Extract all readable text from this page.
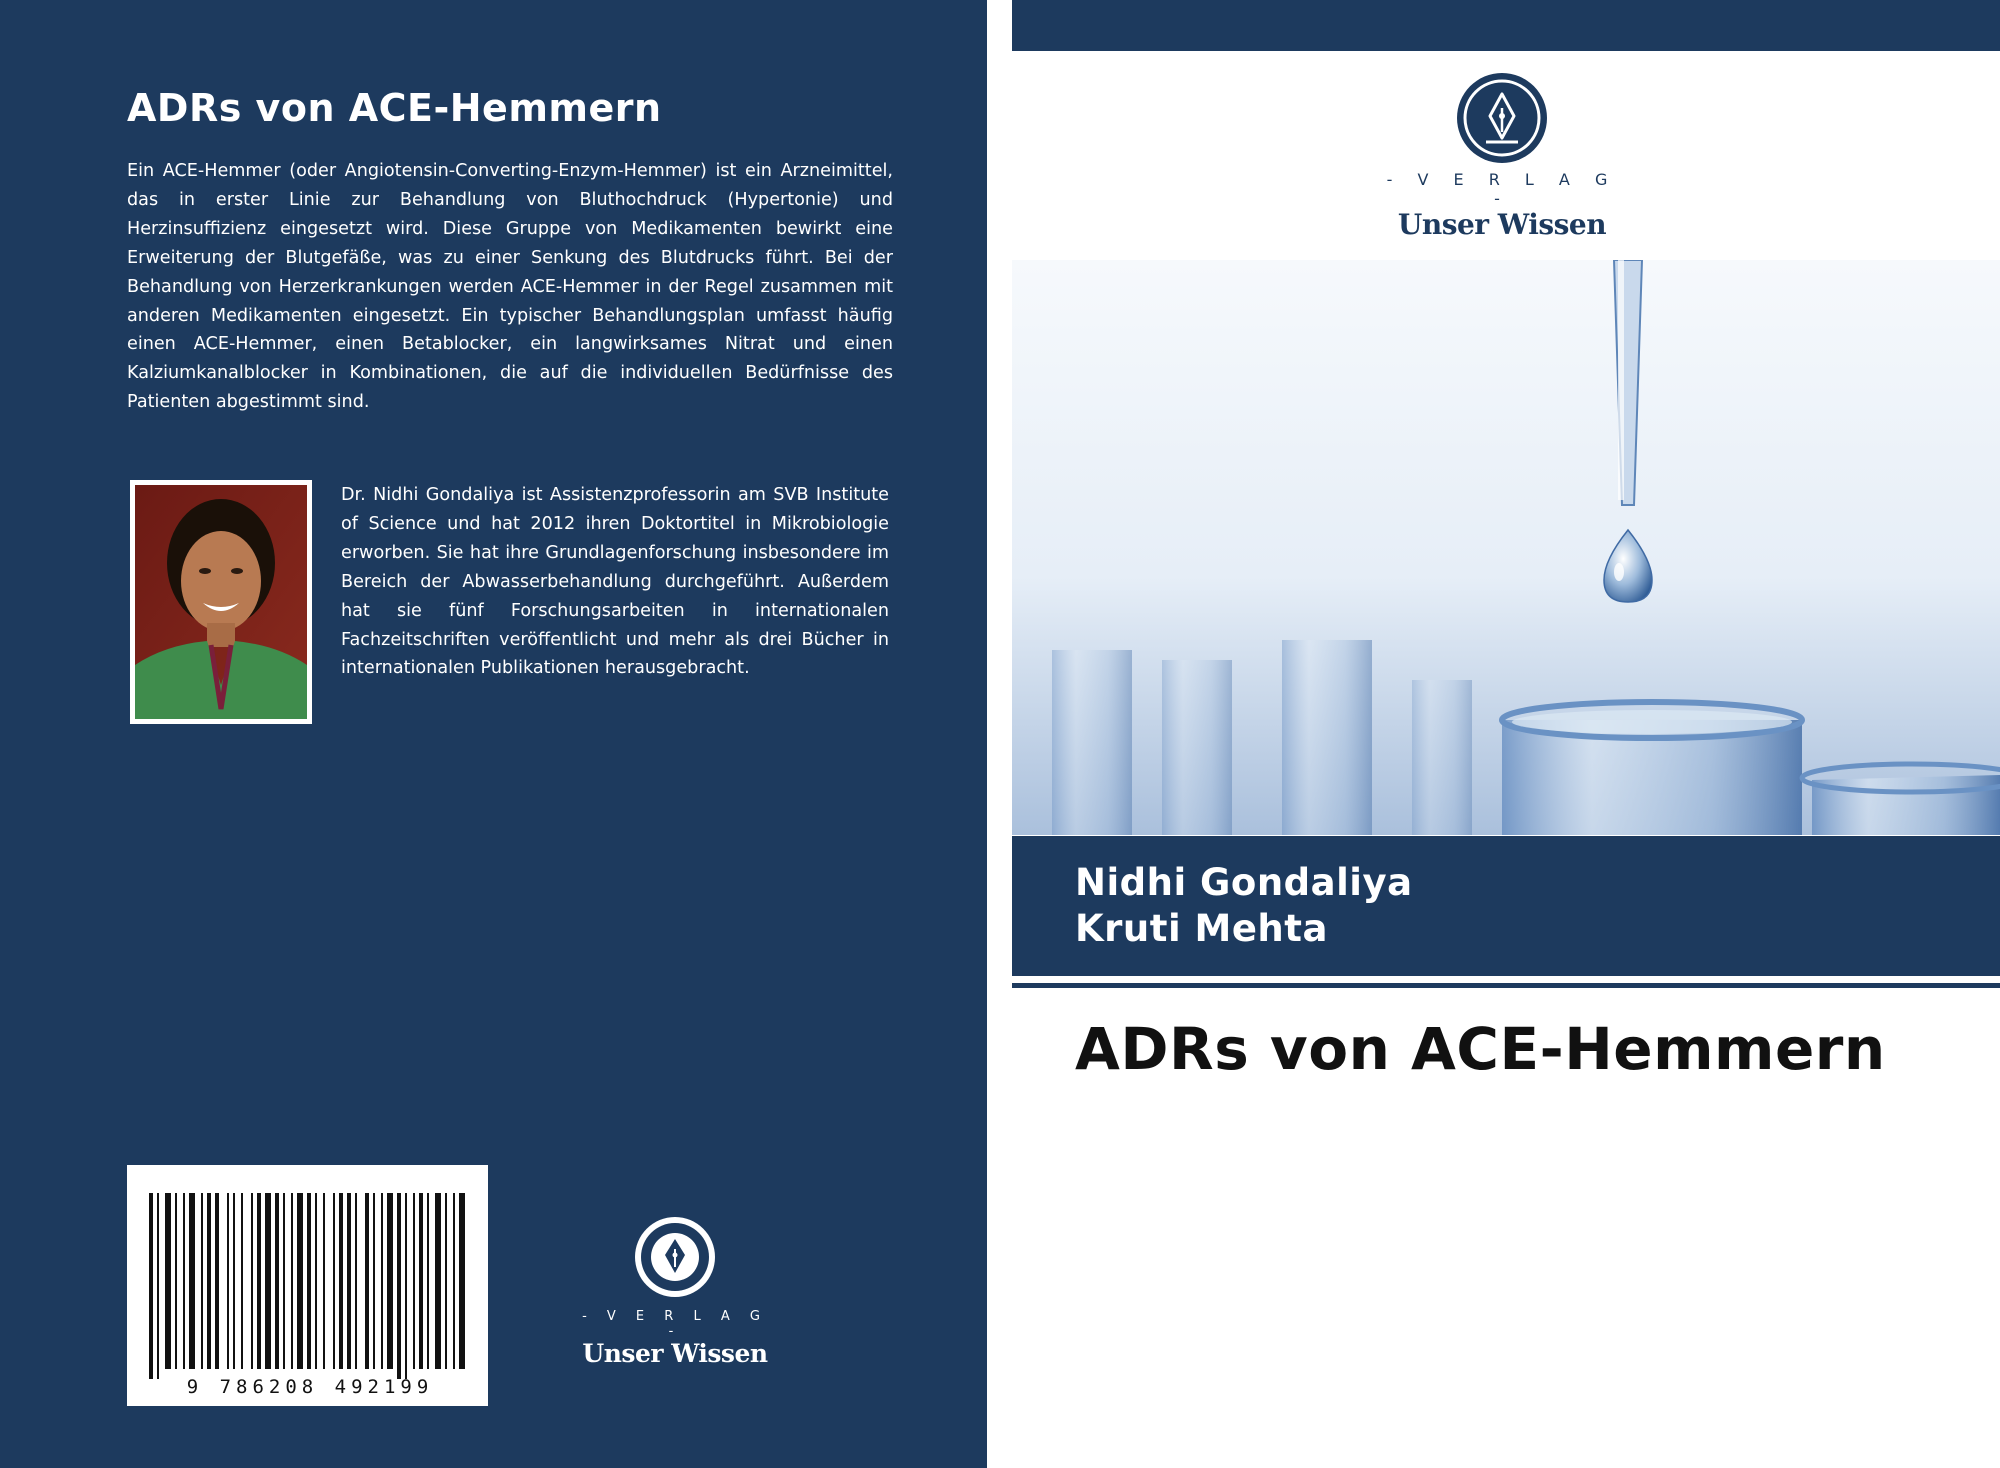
ADRs von ACE-Hemmern

Ein ACE-Hemmer (oder Angiotensin-Converting-Enzym-Hemmer) ist ein Arzneimittel, das in erster Linie zur Behandlung von Bluthochdruck (Hypertonie) und Herzinsuffizienz eingesetzt wird. Diese Gruppe von Medikamenten bewirkt eine Erweiterung der Blutgefäße, was zu einer Senkung des Blutdrucks führt. Bei der Behandlung von Herzerkrankungen werden ACE-Hemmer in der Regel zusammen mit anderen Medikamenten eingesetzt. Ein typischer Behandlungsplan umfasst häufig einen ACE-Hemmer, einen Betablocker, ein langwirksames Nitrat und einen Kalziumkanalblocker in Kombinationen, die auf die individuellen Bedürfnisse des Patienten abgestimmt sind.

Dr. Nidhi Gondaliya ist Assistenzprofessorin am SVB Institute of Science und hat 2012 ihren Doktortitel in Mikrobiologie erworben. Sie hat ihre Grundlagenforschung insbesondere im Bereich der Abwasserbehandlung durchgeführt. Außerdem hat sie fünf Forschungsarbeiten in internationalen Fachzeitschriften veröffentlicht und mehr als drei Bücher in internationalen Publikationen herausgebracht.

9 786208 492199
- V E R L A G -
Unser Wissen
- V E R L A G -
Unser Wissen
Nidhi Gondaliya
Kruti Mehta
ADRs von ACE-Hemmern
